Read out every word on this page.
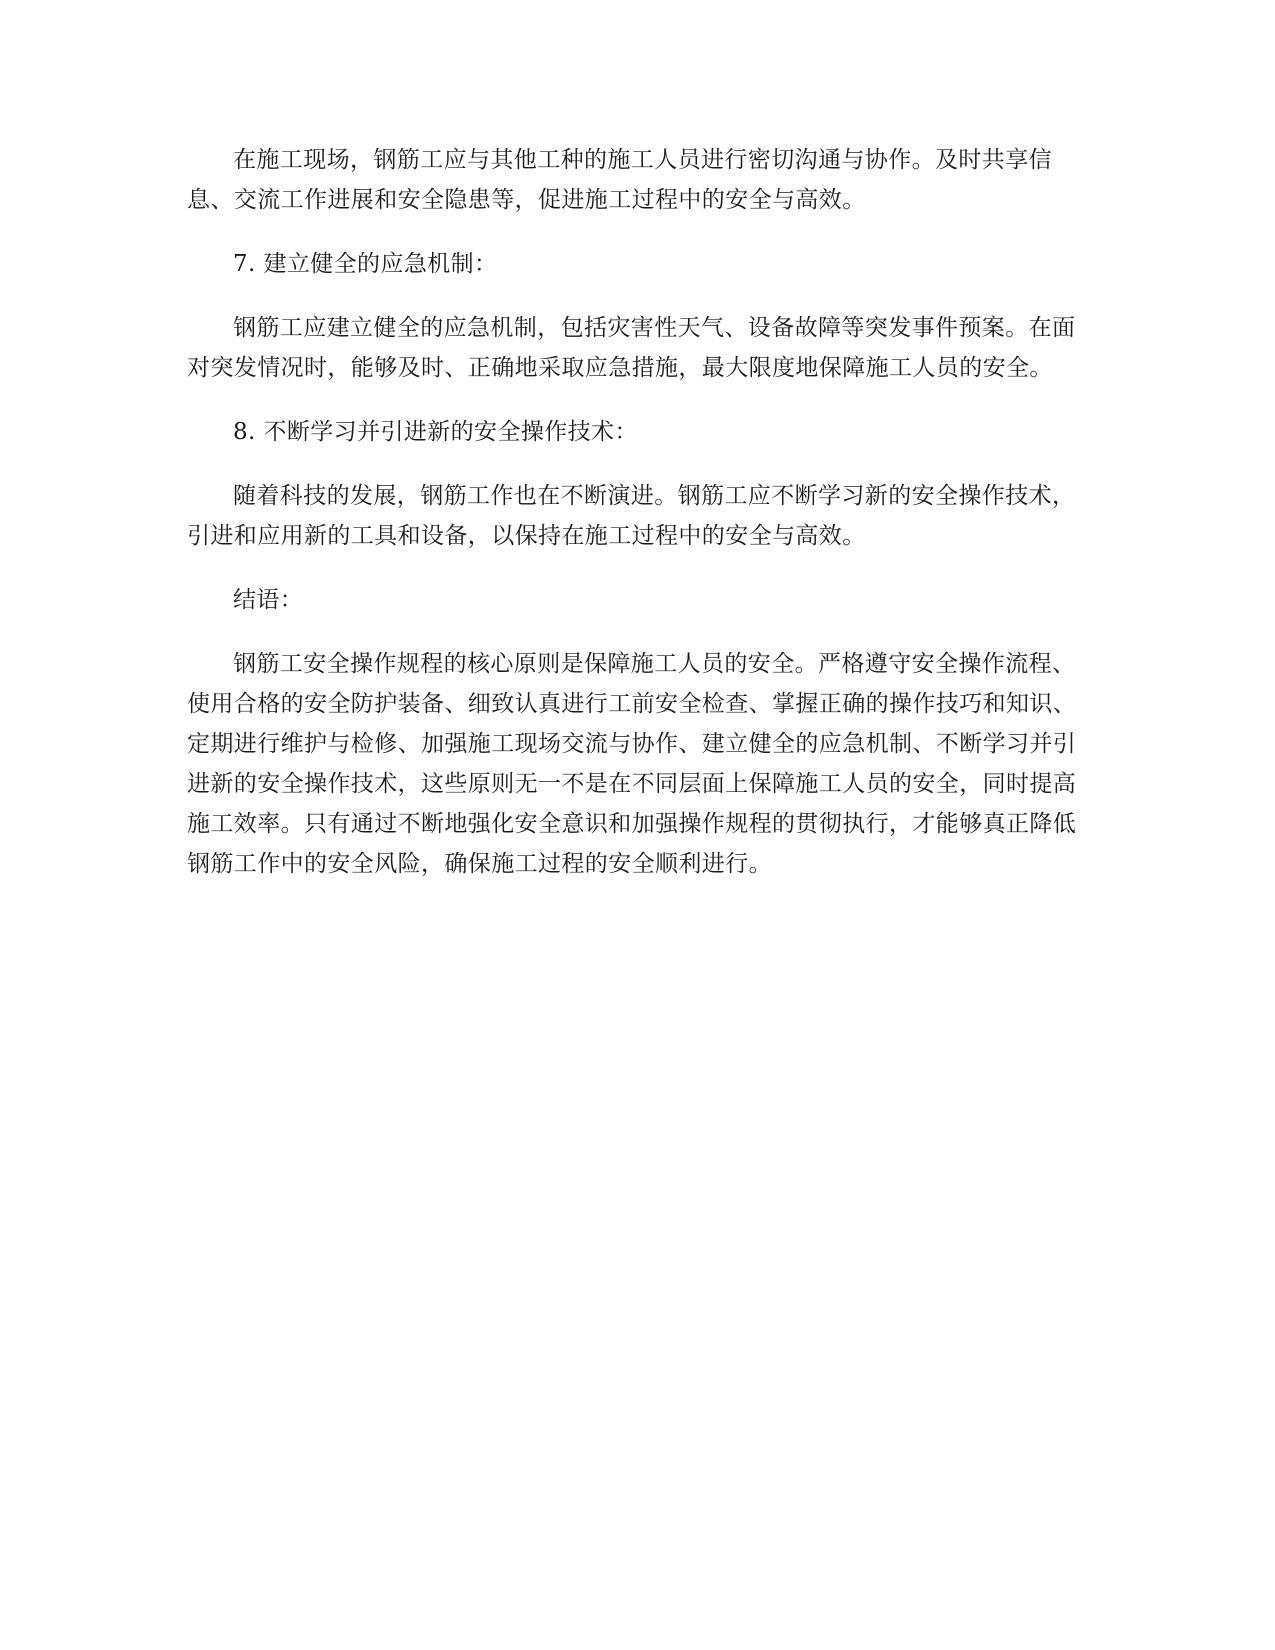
在施工现场，钢筋工应与其他工种的施工人员进行密切沟通与协作。及时共享信息、交流工作进展和安全隐患等，促进施工过程中的安全与高效。

7. 建立健全的应急机制：

钢筋工应建立健全的应急机制，包括灾害性天气、设备故障等突发事件预案。在面对突发情况时，能够及时、正确地采取应急措施，最大限度地保障施工人员的安全。

8. 不断学习并引进新的安全操作技术：

随着科技的发展，钢筋工作也在不断演进。钢筋工应不断学习新的安全操作技术，引进和应用新的工具和设备，以保持在施工过程中的安全与高效。

结语：

钢筋工安全操作规程的核心原则是保障施工人员的安全。严格遵守安全操作流程、使用合格的安全防护装备、细致认真进行工前安全检查、掌握正确的操作技巧和知识、定期进行维护与检修、加强施工现场交流与协作、建立健全的应急机制、不断学习并引进新的安全操作技术，这些原则无一不是在不同层面上保障施工人员的安全，同时提高施工效率。只有通过不断地强化安全意识和加强操作规程的贯彻执行，才能够真正降低钢筋工作中的安全风险，确保施工过程的安全顺利进行。
